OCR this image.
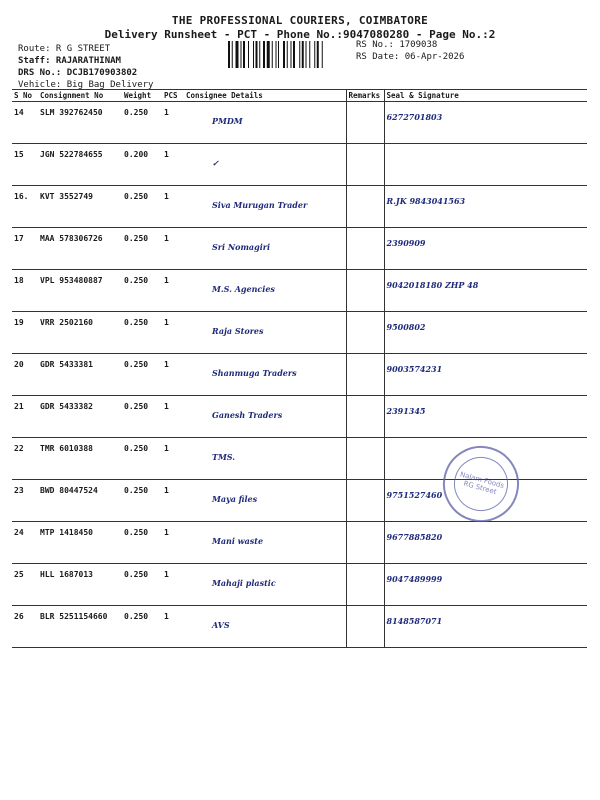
THE PROFESSIONAL COURIERS, COIMBATORE
Delivery Runsheet - PCT - Phone No.:9047080280 - Page No.:2
Route: R G STREET
Staff: RAJARATHINAM
DRS No.: DCJB170903802
Vehicle: Big Bag Delivery
RS No.: 1709038
RS Date: 06-Apr-2026
S No	Consignment No	Weight	PCS	Consignee Details	Remarks	Seal & Signature
14	SLM 392762450	0.250	1	PMDM		6272701803
15	JGN 522784655	0.200	1	✓		
16.	KVT 3552749	0.250	1	Siva Murugan Trader		R.JK 9843041563
17	MAA 578306726	0.250	1	Sri Nomagiri		2390909
18	VPL 953480887	0.250	1	M.S. Agencies		9042018180 ZHP 48
19	VRR 2502160	0.250	1	Raja Stores		9500802
20	GDR 5433381	0.250	1	Shanmuga Traders		9003574231
21	GDR 5433382	0.250	1	Ganesh Traders		2391345
22	TMR 6010388	0.250	1	TMS.		
23	BWD 80447524	0.250	1	Maya files		9751527460
24	MTP 1418450	0.250	1	Mani waste		9677885820
25	HLL 1687013	0.250	1	Mahaji plastic		9047489999
26	BLR 5251154660	0.250	1	AVS		8148587071
Nalam Foods RG Street
